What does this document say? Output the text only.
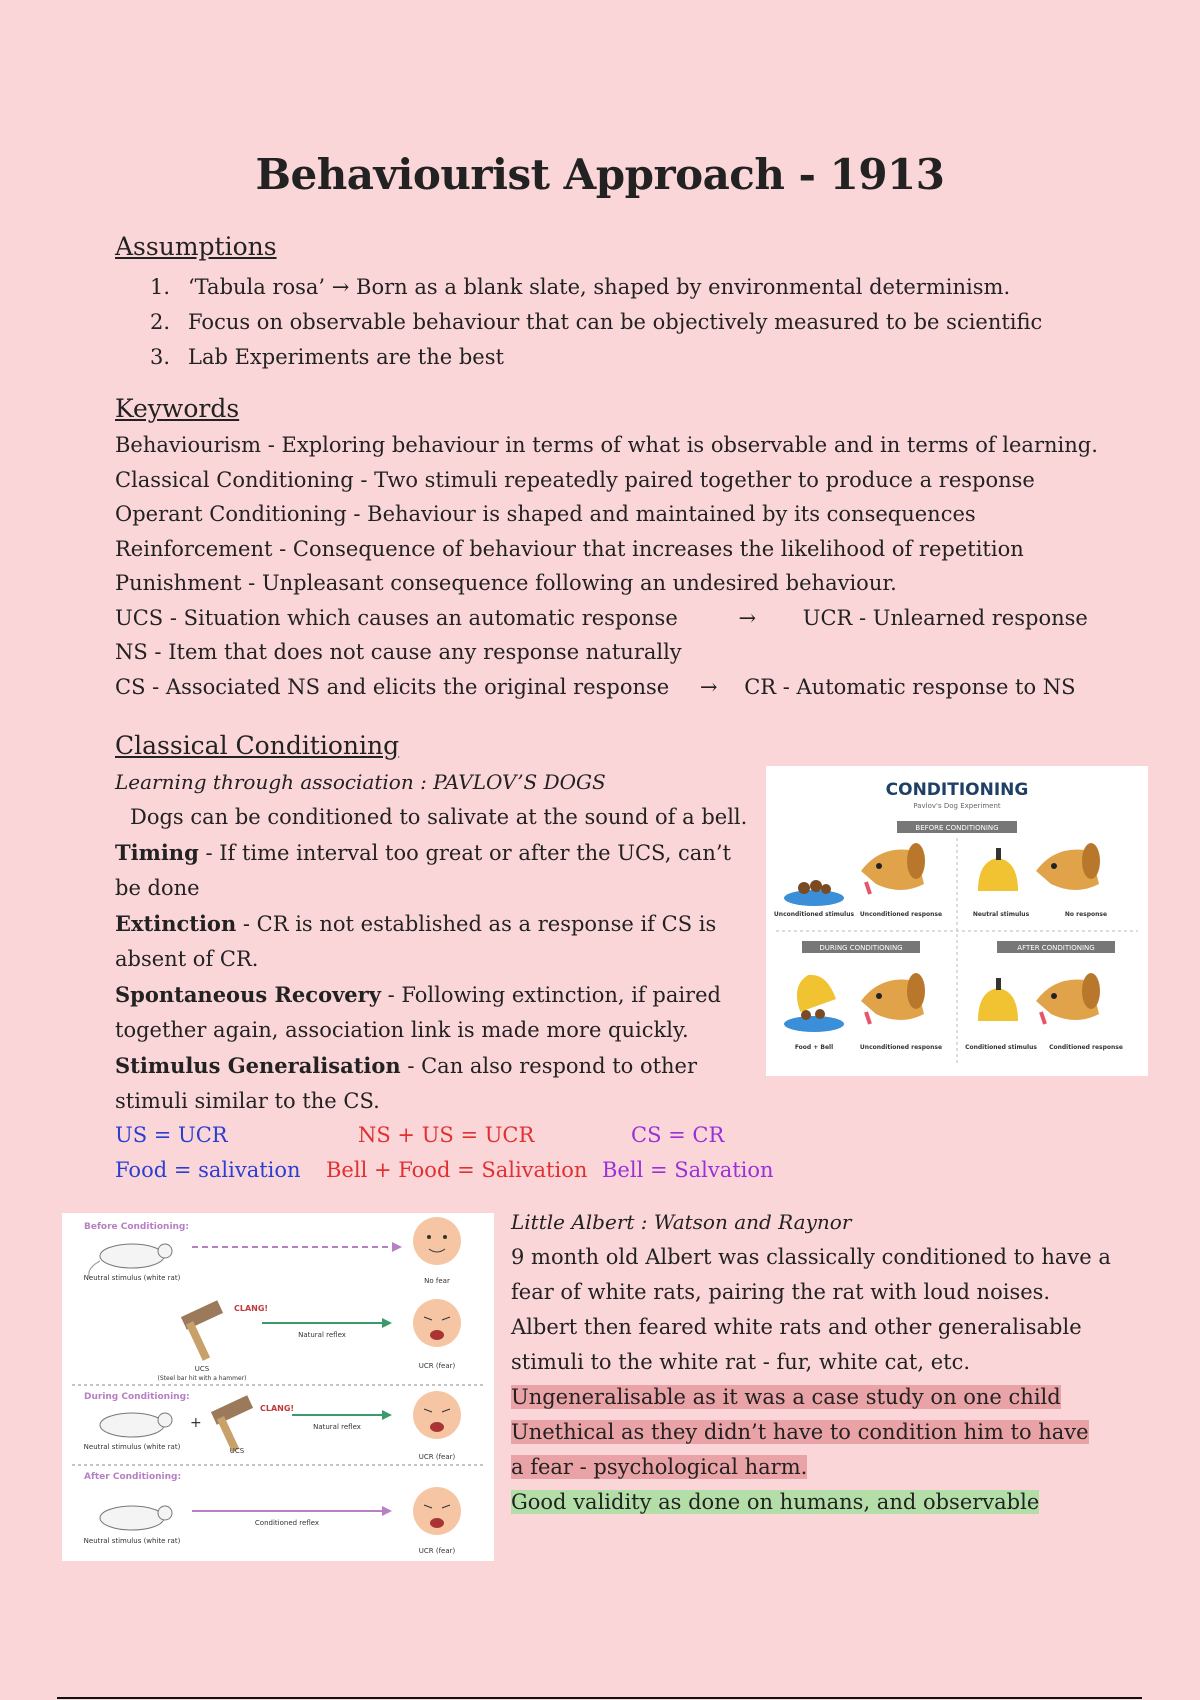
Behaviourist Approach - 1913
Assumptions
1. ‘Tabula rosa’ → Born as a blank slate, shaped by environmental determinism.
2. Focus on observable behaviour that can be objectively measured to be scientific
3. Lab Experiments are the best
Keywords
Behaviourism - Exploring behaviour in terms of what is observable and in terms of learning.
Classical Conditioning - Two stimuli repeatedly paired together to produce a response
Operant Conditioning - Behaviour is shaped and maintained by its consequences
Reinforcement - Consequence of behaviour that increases the likelihood of repetition
Punishment - Unpleasant consequence following an undesired behaviour.
UCS - Situation which causes an automatic response	→ UCR - Unlearned response
NS - Item that does not cause any response naturally
CS - Associated NS and elicits the original response → CR - Automatic response to NS
Classical Conditioning
Learning through association : PAVLOV’S DOGS
Dogs can be conditioned to salivate at the sound of a bell.
Timing - If time interval too great or after the UCS, can’t be done
Extinction - CR is not established as a response if CS is absent of CR.
Spontaneous Recovery - Following extinction, if paired together again, association link is made more quickly.
Stimulus Generalisation - Can also respond to other stimuli similar to the CS.
US = UCR
Food = salivation
NS + US = UCR
Bell + Food = Salivation
CS = CR
Bell = Salvation
CONDITIONING
Pavlov's Dog Experiment
BEFORE CONDITIONING
Unconditioned stimulus Unconditioned response	Neutral stimulus	No response
DURING CONDITIONING	AFTER CONDITIONING
Food + Bell	Unconditioned response	Conditioned stimulus Conditioned response
Before Conditioning:
Neutral stimulus (white rat)	No fear
CLANG!
UCS
(Steel bar hit with a hammer)
Natural reflex
UCR (fear)
During Conditioning:
Neutral stimulus (white rat)
+
CLANG!
UCS
Natural reflex
UCR (fear)
After Conditioning:
Neutral stimulus (white rat)
Conditioned reflex
UCR (fear)
Little Albert : Watson and Raynor
9 month old Albert was classically conditioned to have a fear of white rats, pairing the rat with loud noises. Albert then feared white rats and other generalisable stimuli to the white rat - fur, white cat, etc.
Ungeneralisable as it was a case study on one child
Unethical as they didn’t have to condition him to have
a fear - psychological harm.
Good validity as done on humans, and observable
